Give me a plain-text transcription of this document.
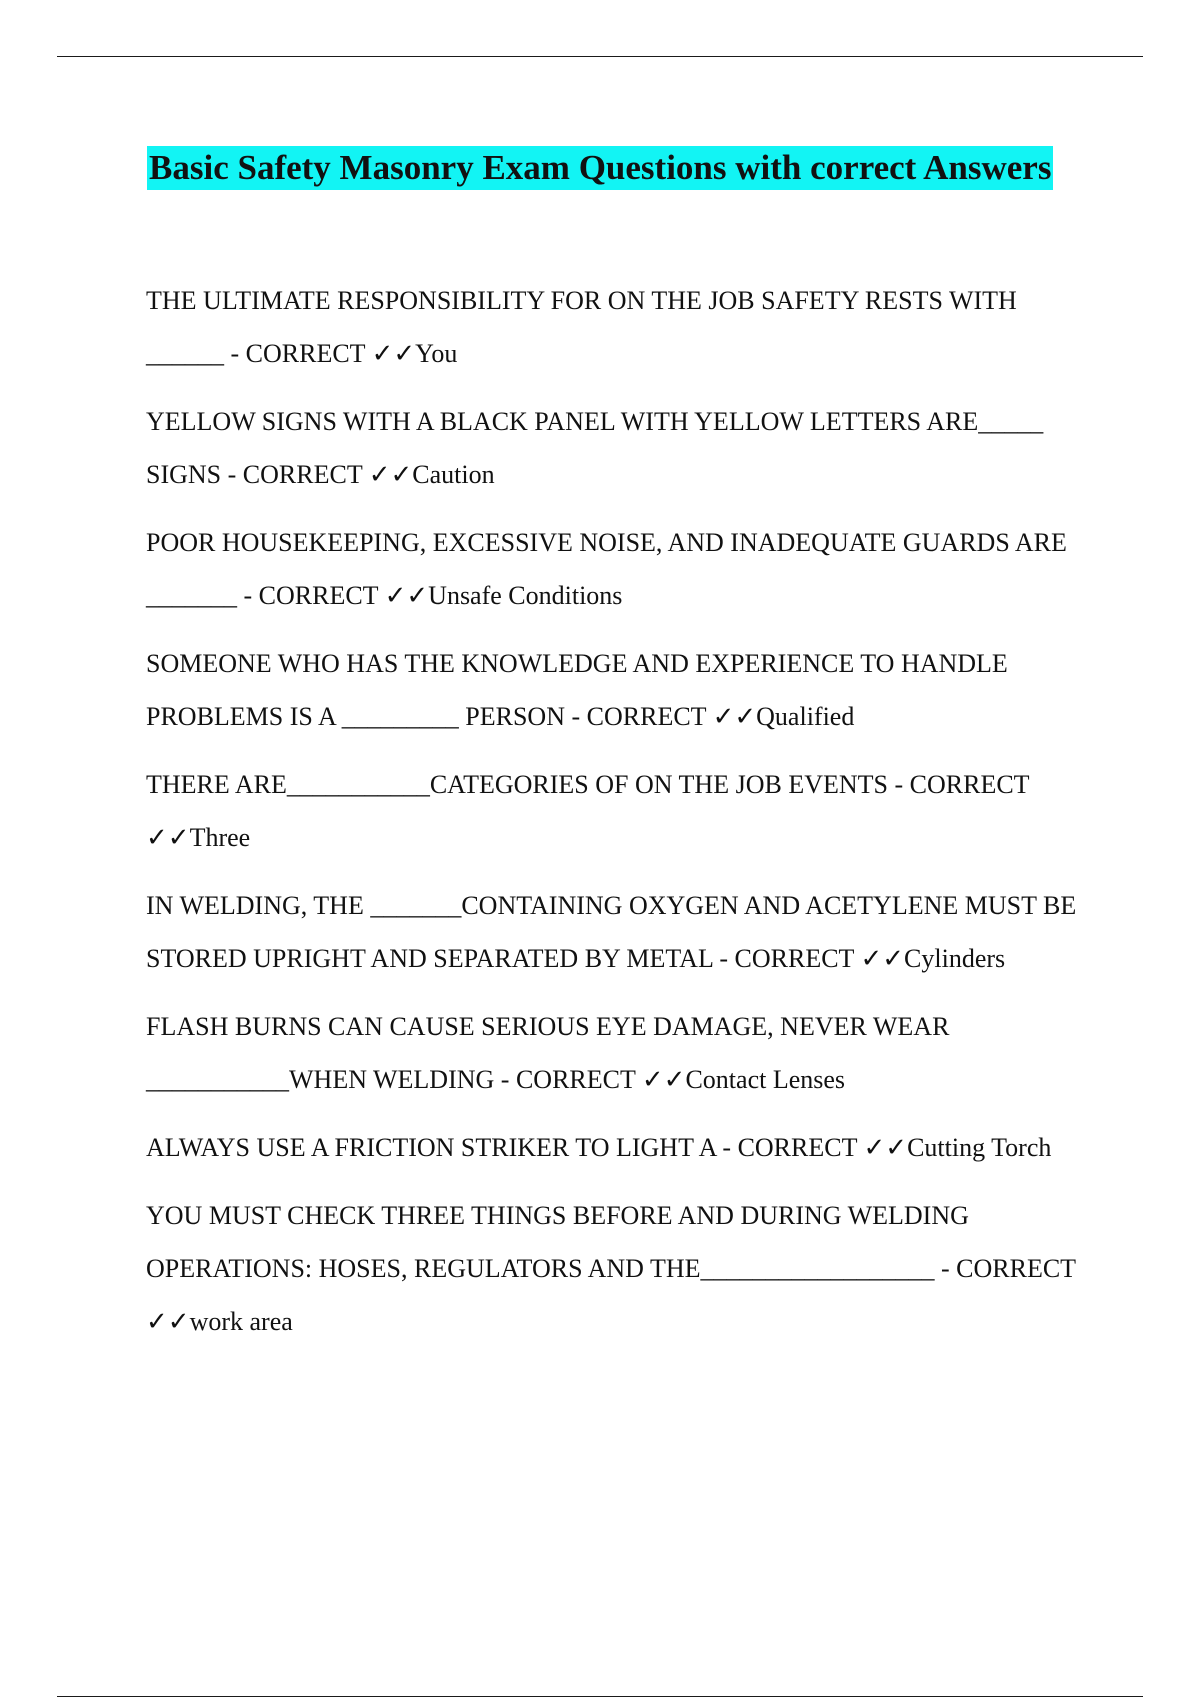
Basic Safety Masonry Exam Questions with correct Answers
THE ULTIMATE RESPONSIBILITY FOR ON THE JOB SAFETY RESTS WITH ______ - CORRECT ✓✓You
YELLOW SIGNS WITH A BLACK PANEL WITH YELLOW LETTERS ARE_____ SIGNS - CORRECT ✓✓Caution
POOR HOUSEKEEPING, EXCESSIVE NOISE, AND INADEQUATE GUARDS ARE _______ - CORRECT ✓✓Unsafe Conditions
SOMEONE WHO HAS THE KNOWLEDGE AND EXPERIENCE TO HANDLE PROBLEMS IS A _________ PERSON - CORRECT ✓✓Qualified
THERE ARE___________CATEGORIES OF ON THE JOB EVENTS - CORRECT ✓✓Three
IN WELDING, THE _______CONTAINING OXYGEN AND ACETYLENE MUST BE STORED UPRIGHT AND SEPARATED BY METAL - CORRECT ✓✓Cylinders
FLASH BURNS CAN CAUSE SERIOUS EYE DAMAGE, NEVER WEAR ___________WHEN WELDING - CORRECT ✓✓Contact Lenses
ALWAYS USE A FRICTION STRIKER TO LIGHT A - CORRECT ✓✓Cutting Torch
YOU MUST CHECK THREE THINGS BEFORE AND DURING WELDING OPERATIONS: HOSES, REGULATORS AND THE__________________ - CORRECT ✓✓work area
